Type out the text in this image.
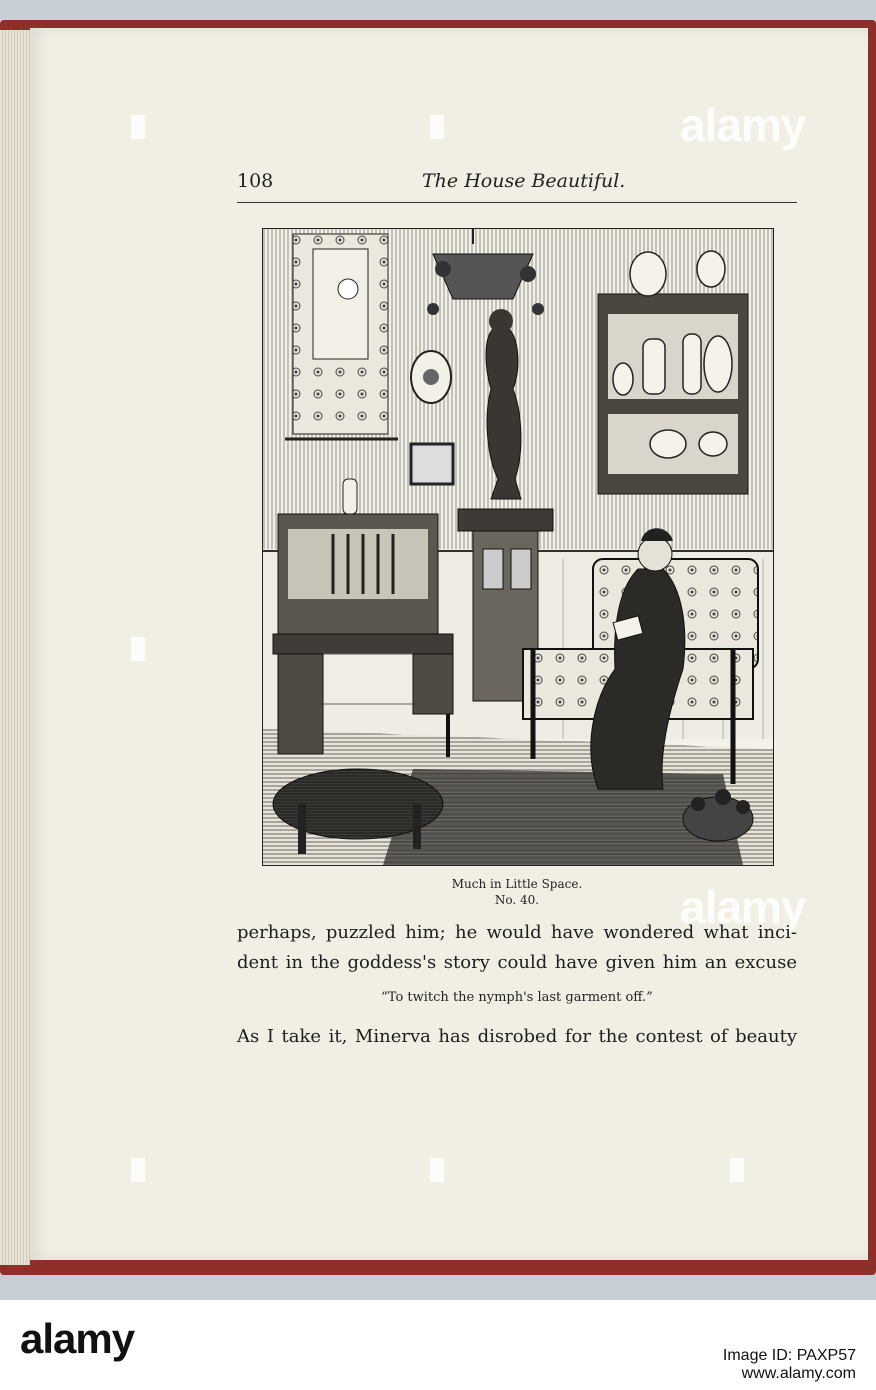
alamy
alamy
108	The House Beautiful.
Much in Little Space.
No. 40.
perhaps, puzzled him; he would have wondered what inci-
dent in the goddess's story could have given him an excuse
“To twitch the nymph's last garment off.”
As I take it, Minerva has disrobed for the contest of beauty
alamy	Image ID: PAXP57
www.alamy.com
